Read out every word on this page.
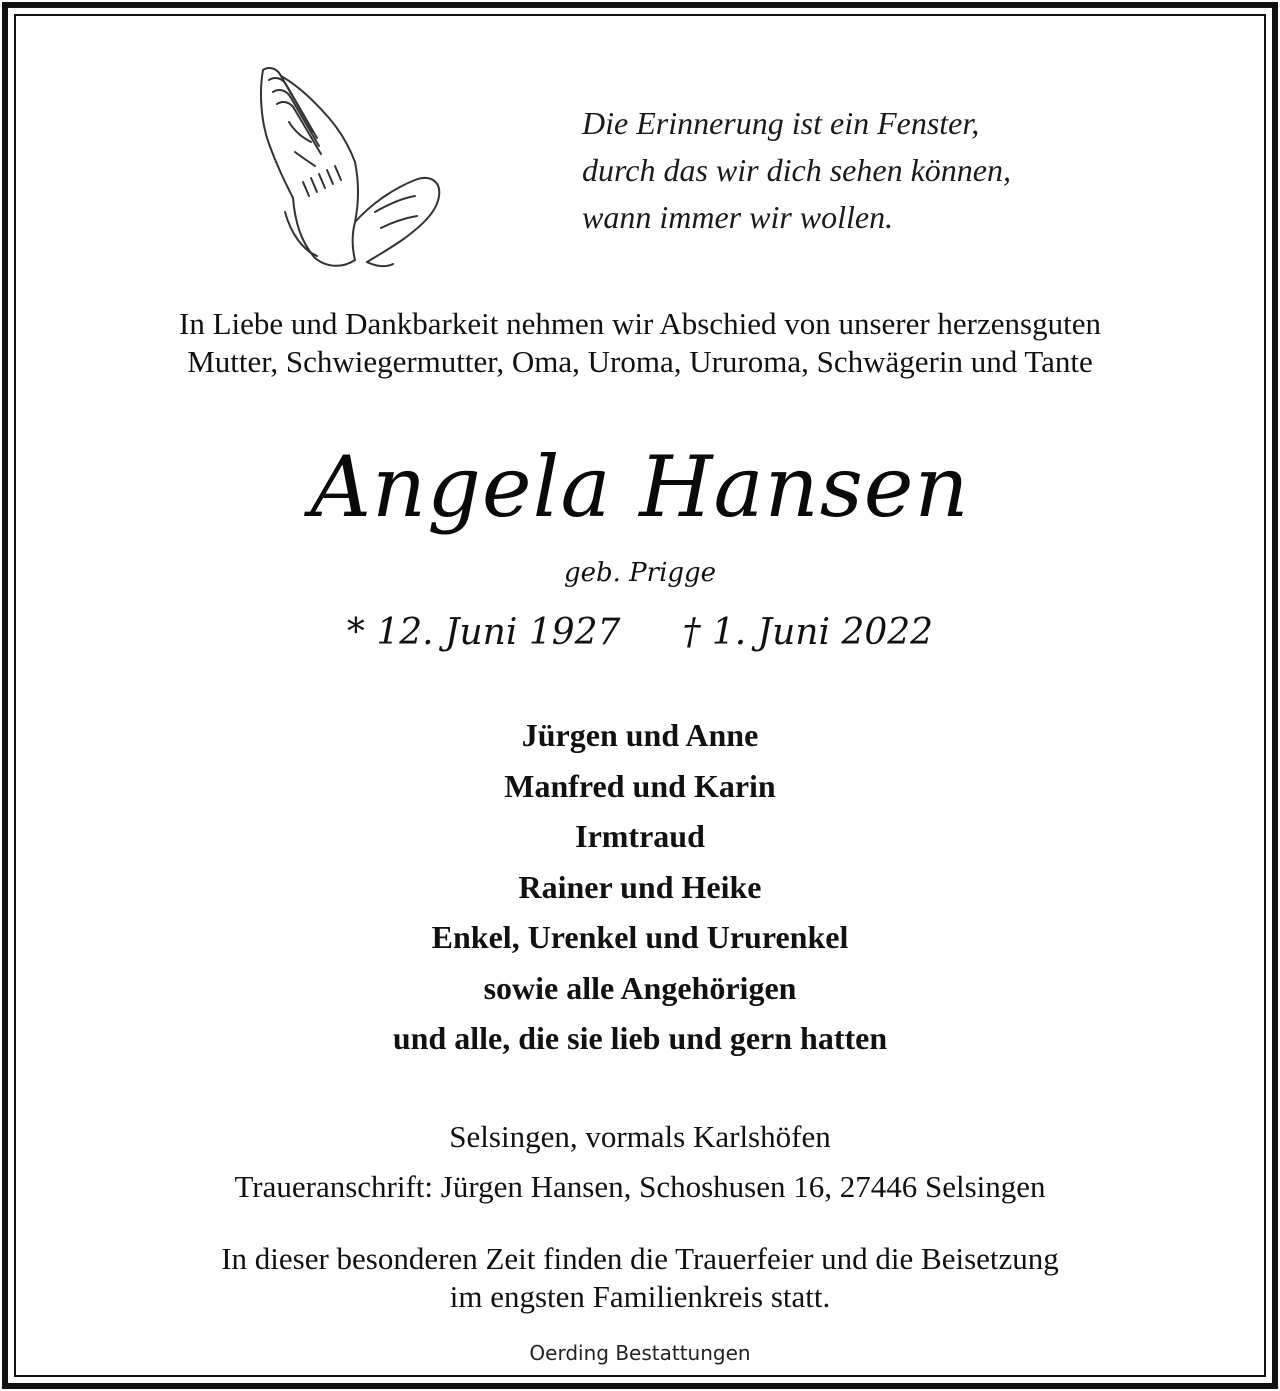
Die Erinnerung ist ein Fenster,
durch das wir dich sehen können,
wann immer wir wollen.
In Liebe und Dankbarkeit nehmen wir Abschied von unserer herzensguten
Mutter, Schwiegermutter, Oma, Uroma, Ururoma, Schwägerin und Tante
Angela Hansen
geb. Prigge
* 12. Juni 1927 † 1. Juni 2022
Jürgen und Anne
Manfred und Karin
Irmtraud
Rainer und Heike
Enkel, Urenkel und Ururenkel
sowie alle Angehörigen
und alle, die sie lieb und gern hatten
Selsingen, vormals Karlshöfen
Traueranschrift: Jürgen Hansen, Schoshusen 16, 27446 Selsingen
In dieser besonderen Zeit finden die Trauerfeier und die Beisetzung
im engsten Familienkreis statt.
Oerding Bestattungen
